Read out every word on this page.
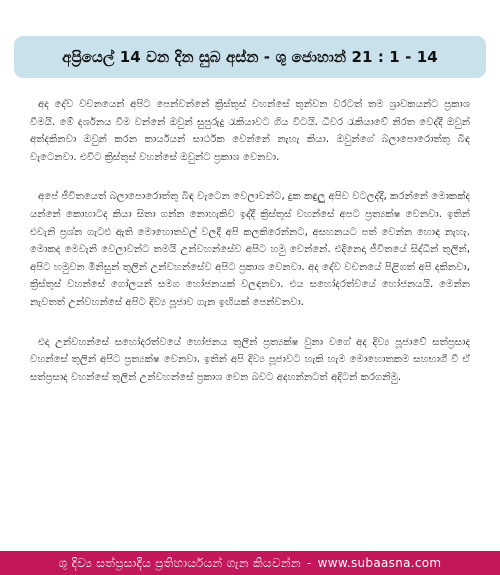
අප්‍රියෙල් 14 වන දින සුබ අස්න - ශු ජොහාන් 21 : 1 - 14

අද දේව වචනයෙන් අපිට පෙන්වන්නේ ක්‍රිස්තුස් වහන්සේ තුන්වන වරටත් තම ශ්‍රාවකයන්ට ප්‍රකාශ වීමයි. මේ දර්ශනය වීම වන්නේ ඔවුන් සුපුරුදු රැකියාවට ගිය විටයි. ධීවර රැකියාවේ නිරත වෙද්දී ඔවුන් අත්දකිනවා ඔවුන් කරන කාර්යයන් සාර්ථක වෙන්නේ නැහැ කියා. ඔවුන්ගේ බලාපොරොත්තු බිඳ වැටෙනවා. එවිට ක්‍රිස්තුස් වහන්සේ ඔවුන්ට ප්‍රකාශ වෙනවා.

අපේ ජීවිතයෙත් බලාපොරොත්තු බිඳ වැටෙන වෙලාවන්ට, දුක කඳුලු අපිව වටලද්දී, කරන්නේ මොකක්ද යන්නේ කොහාටද කියා සිතා ගන්න නොහැකිව ඉද්දී ක්‍රිස්තුස් වහන්සේ අපට ප්‍රත්‍යක්ෂ වෙනවා. ඉතින් එවැනි ප්‍රශ්න ගැටළු ඇති මොහොතවල් වලදී අපි කලකිරෙන්නට, අසහනයට පත් වෙන්න හොඳ නැහැ. මොකද මෙවැනි වෙලාවන්ට තමයි උන්වහන්සේව අපිට හමු වෙන්නේ. එදිනෙදා ජීවිතයේ සිද්ධීන් තුලින්, අපිට හමුවන මිනිසුන් තුලින් උන්වහන්සේව අපිට ප්‍රකාශ වෙනවා. අද දේව වචනයේ පිළිගත් අපි දකිනවා, ක්‍රිස්තුස් වහන්සේ ගෝලයන් සමග හෝජනයක් වලඳනවා. එය සහෝදරත්වයේ හෝජනයයි. මෙන්න නැවතත් උන්වහන්සේ අපිට දිව්‍ය පූජාව ගැන ඉඟියක් පෙන්වනවා.

එදා උන්වහන්සේ සහෝදරත්වයේ හෝජනය තුලින් ප්‍රත්‍යක්ෂ වුනා වගේ අද දිව්‍ය පූජාවේ සත්ප්‍රසාද වහන්සේ තුලින් අපිට ප්‍රත්‍යක්ෂ වෙනවා. ඉතින් අපි දිව්‍ය පූජාවට හැකි හැම මොහොතකම සහභාගී වී ඒ සත්ප්‍රසාද වහන්සේ තුලින් උන්වහන්සේ ප්‍රකාශ වෙන බවට අදහන්නටත් අදිටන් කරගනිමු.

ශු දිව්‍ය සත්ප්‍රසාදීය ප්‍රතිහාර්යයන් ගැන කියවන්න - www.subaasna.com
